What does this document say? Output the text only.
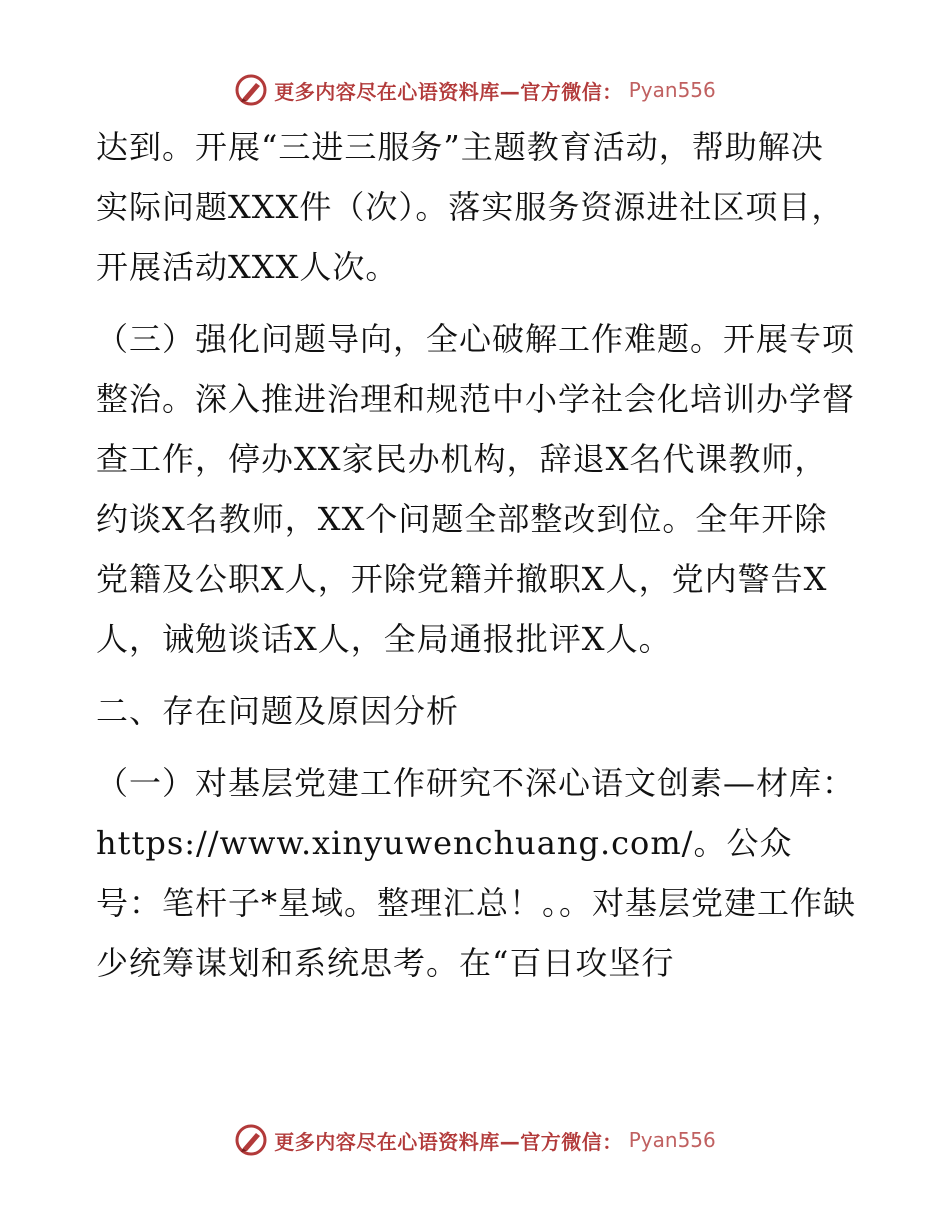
更多内容尽在心语资料库—官方微信： Pyan556

达到。开展“三进三服务”主题教育活动，帮助解决实际问题XXX件（次）。落实服务资源进社区项目，开展活动XXX人次。

（三）强化问题导向，全心破解工作难题。开展专项整治。深入推进治理和规范中小学社会化培训办学督查工作，停办XX家民办机构，辞退X名代课教师，约谈X名教师，XX个问题全部整改到位。全年开除党籍及公职X人，开除党籍并撤职X人，党内警告X人，诫勉谈话X人，全局通报批评X人。

二、存在问题及原因分析

（一）对基层党建工作研究不深心语文创素—材库：https://www.xinyuwenchuang.com/。公众号：笔杆子*星域。整理汇总！。。对基层党建工作缺少统筹谋划和系统思考。在“百日攻坚行

更多内容尽在心语资料库—官方微信： Pyan556
